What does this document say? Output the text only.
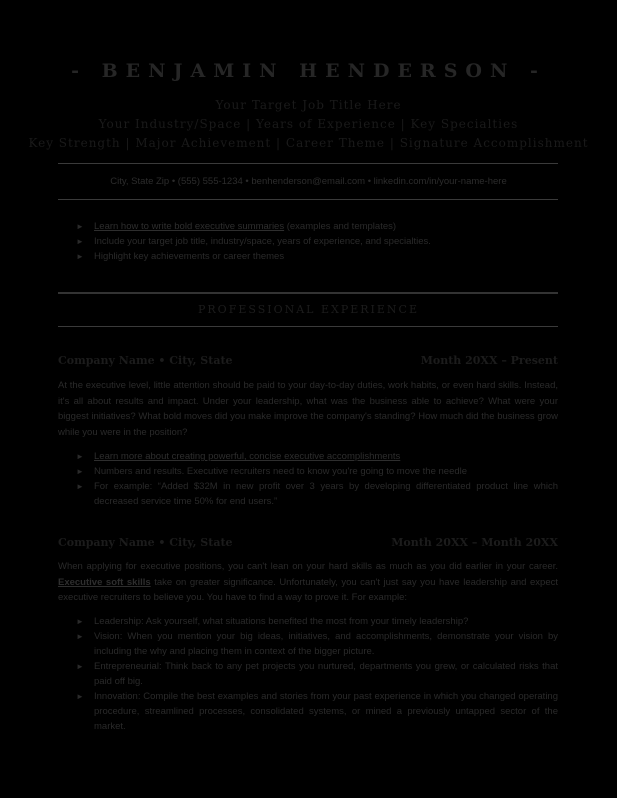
- BENJAMIN HENDERSON -
Your Target Job Title Here
Your Industry/Space | Years of Experience | Key Specialties
Key Strength | Major Achievement | Career Theme | Signature Accomplishment
City, State Zip • (555) 555-1234 • benhenderson@email.com • linkedin.com/in/your-name-here
► Learn how to write bold executive summaries (examples and templates)
► Include your target job title, industry/space, years of experience, and specialties.
► Highlight key achievements or career themes
PROFESSIONAL EXPERIENCE
Company Name • City, State	Month 20XX – Present

At the executive level, little attention should be paid to your day-to-day duties, work habits, or even hard skills. Instead, it's all about results and impact. Under your leadership, what was the business able to achieve? What were your biggest initiatives? What bold moves did you make improve the company's standing? How much did the business grow while you were in the position?

► Learn more about creating powerful, concise executive accomplishments
► Numbers and results. Executive recruiters need to know you're going to move the needle
► For example: “Added $32M in new profit over 3 years by developing differentiated product line which decreased service time 50% for end users.”
Company Name • City, State	Month 20XX – Month 20XX

When applying for executive positions, you can't lean on your hard skills as much as you did earlier in your career. Executive soft skills take on greater significance. Unfortunately, you can't just say you have leadership and expect executive recruiters to believe you. You have to find a way to prove it. For example:

► Leadership: Ask yourself, what situations benefited the most from your timely leadership?
► Vision: When you mention your big ideas, initiatives, and accomplishments, demonstrate your vision by including the why and placing them in context of the bigger picture.
► Entrepreneurial: Think back to any pet projects you nurtured, departments you grew, or calculated risks that paid off big.
► Innovation: Compile the best examples and stories from your past experience in which you changed operating procedure, streamlined processes, consolidated systems, or mined a previously untapped sector of the market.
